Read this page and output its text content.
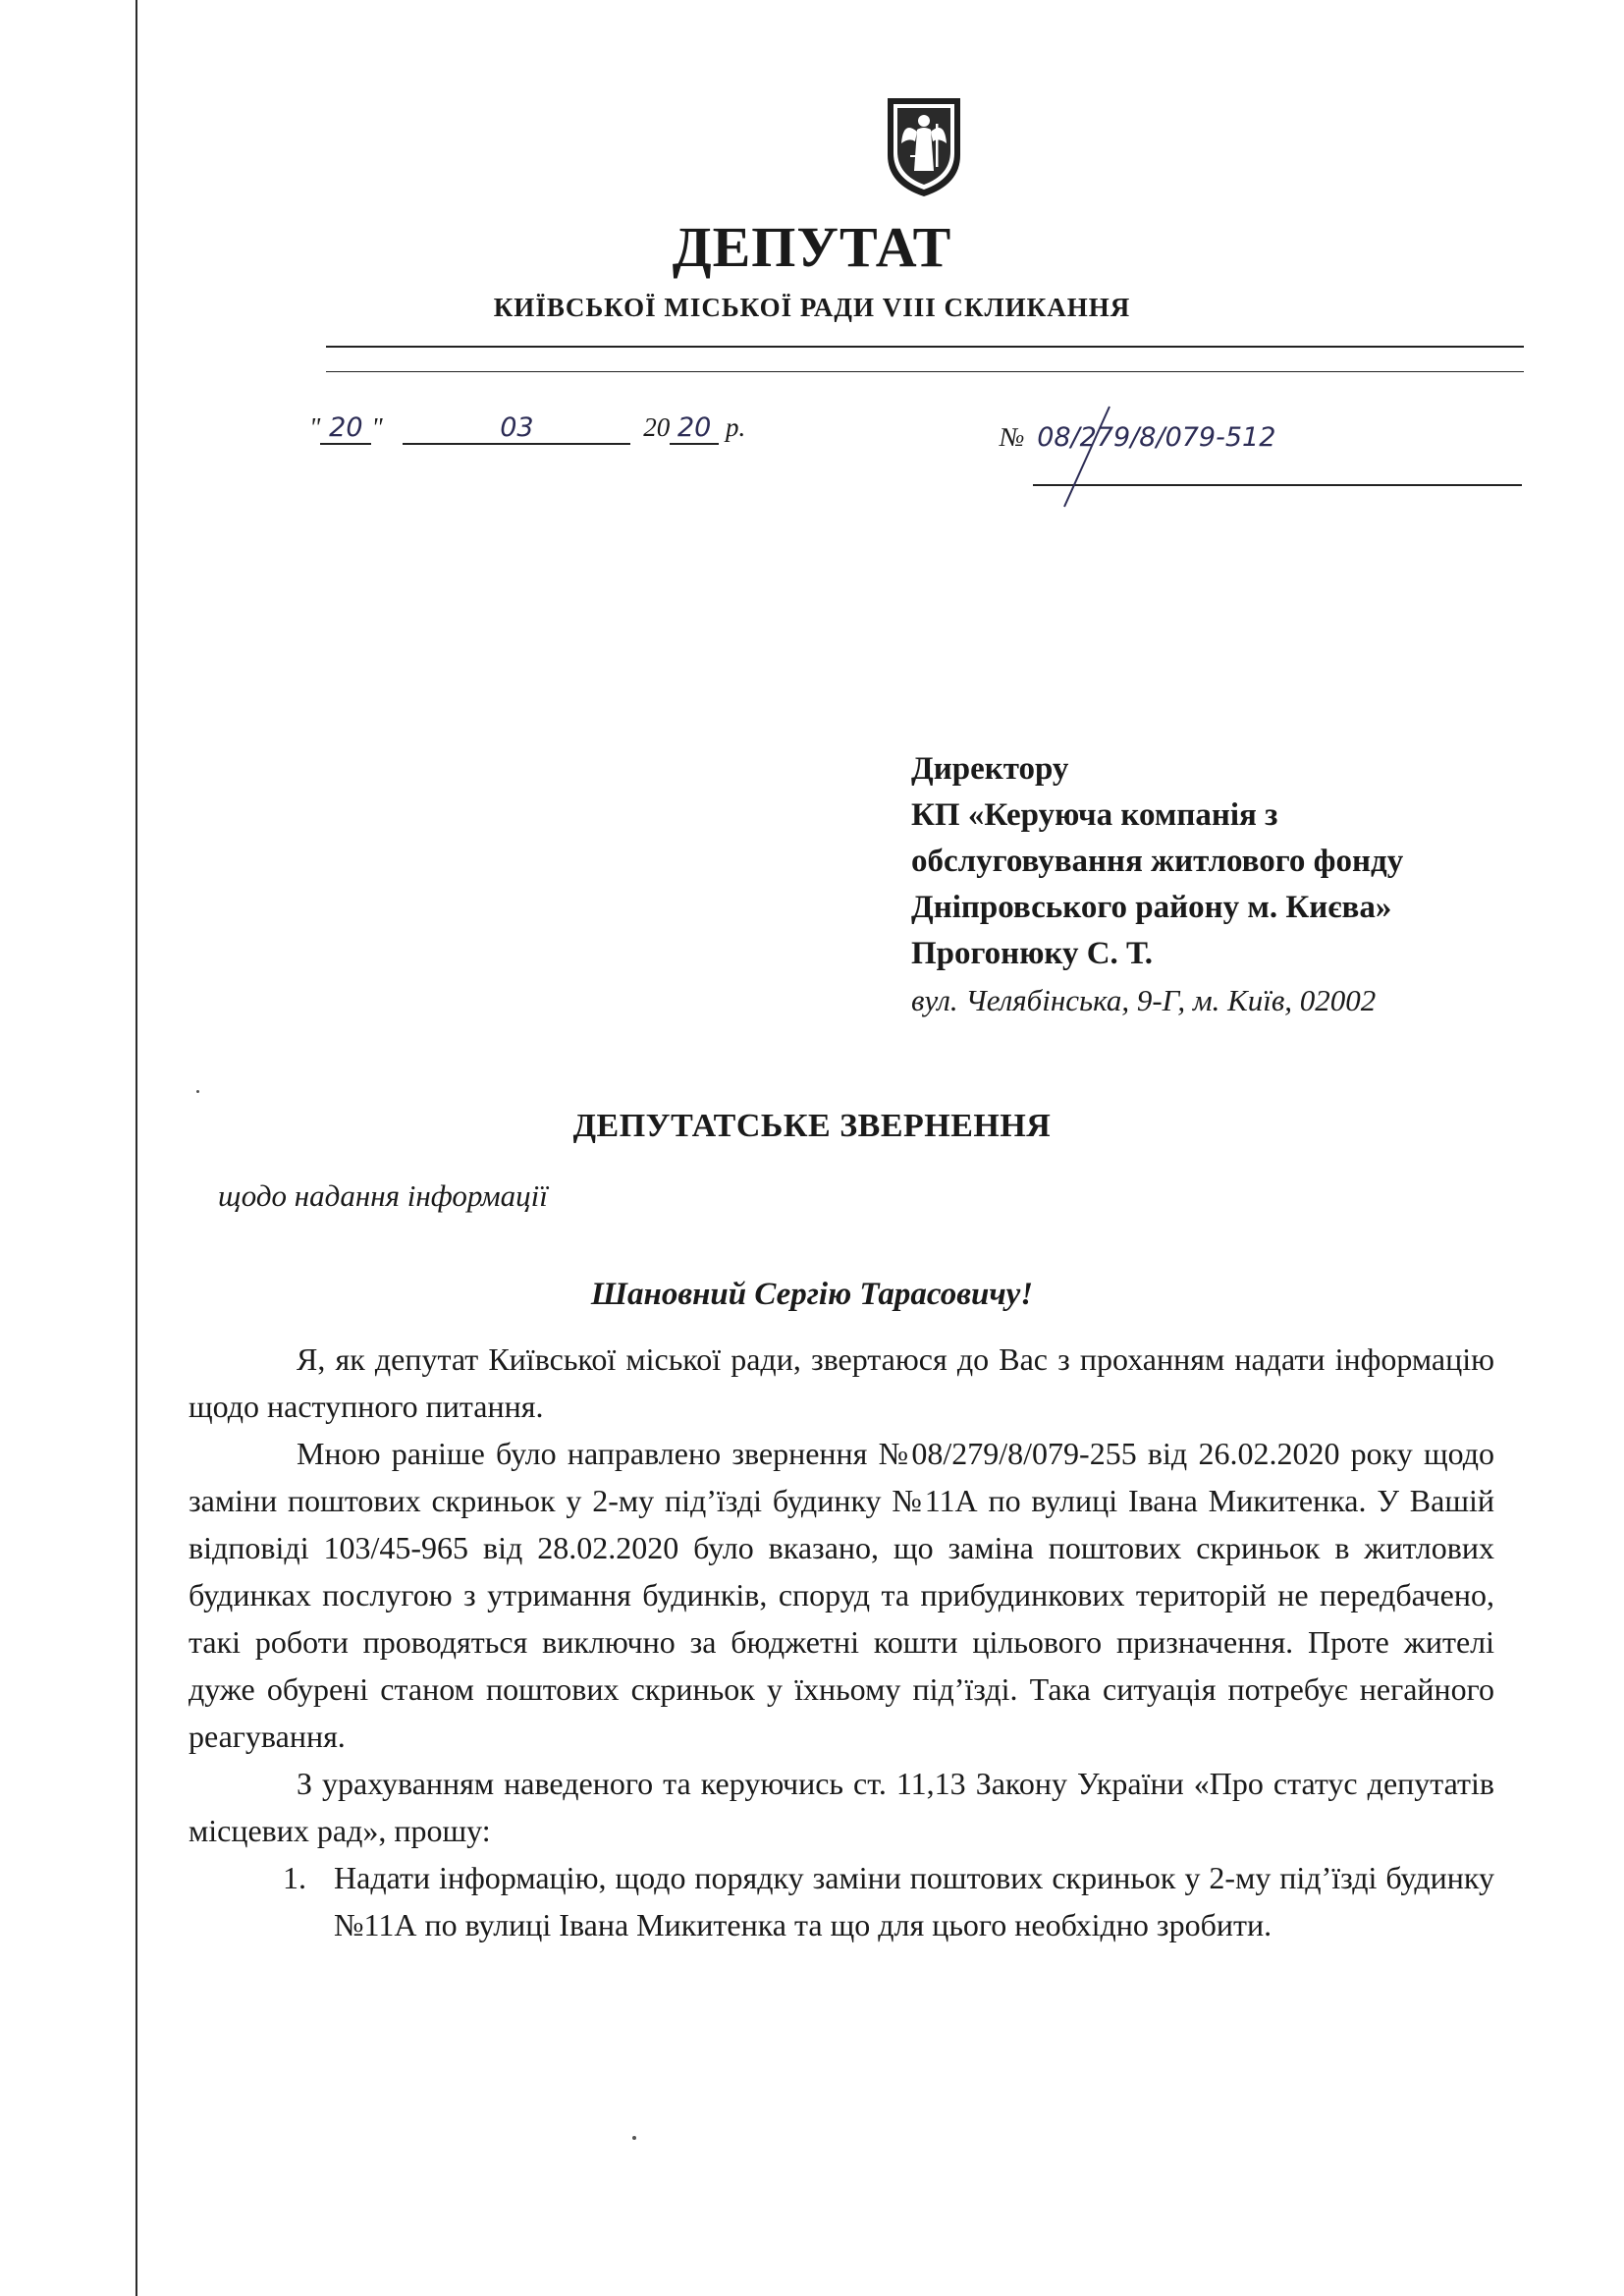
ДЕПУТАТ
КИЇВСЬКОЇ МІСЬКОЇ РАДИ VIII СКЛИКАННЯ
" 20 "	03	20 20 р.	№ 08/279/8/079-512
Директору
КП «Керуюча компанія з
обслуговування житлового фонду
Дніпровського району м. Києва»
Прогонюку С. Т.
вул. Челябінська, 9-Г, м. Київ, 02002
ДЕПУТАТСЬКЕ ЗВЕРНЕННЯ
щодо надання інформації
Шановний Сергію Тарасовичу!

Я, як депутат Київської міської ради, звертаюся до Вас з проханням надати інформацію щодо наступного питання.

Мною раніше було направлено звернення №08/279/8/079-255 від 26.02.2020 року щодо заміни поштових скриньок у 2-му під’їзді будинку №11А по вулиці Івана Микитенка. У Вашій відповіді 103/45-965 від 28.02.2020 було вказано, що заміна поштових скриньок в житлових будинках послугою з утримання будинків, споруд та прибудинкових територій не передбачено, такі роботи проводяться виключно за бюджетні кошти цільового призначення. Проте жителі дуже обурені станом поштових скриньок у їхньому під’їзді. Така ситуація потребує негайного реагування.

З урахуванням наведеного та керуючись ст. 11,13 Закону України «Про статус депутатів місцевих рад», прошу:

1. Надати інформацію, щодо порядку заміни поштових скриньок у 2-му під’їзді будинку №11А по вулиці Івана Микитенка та що для цього необхідно зробити.
